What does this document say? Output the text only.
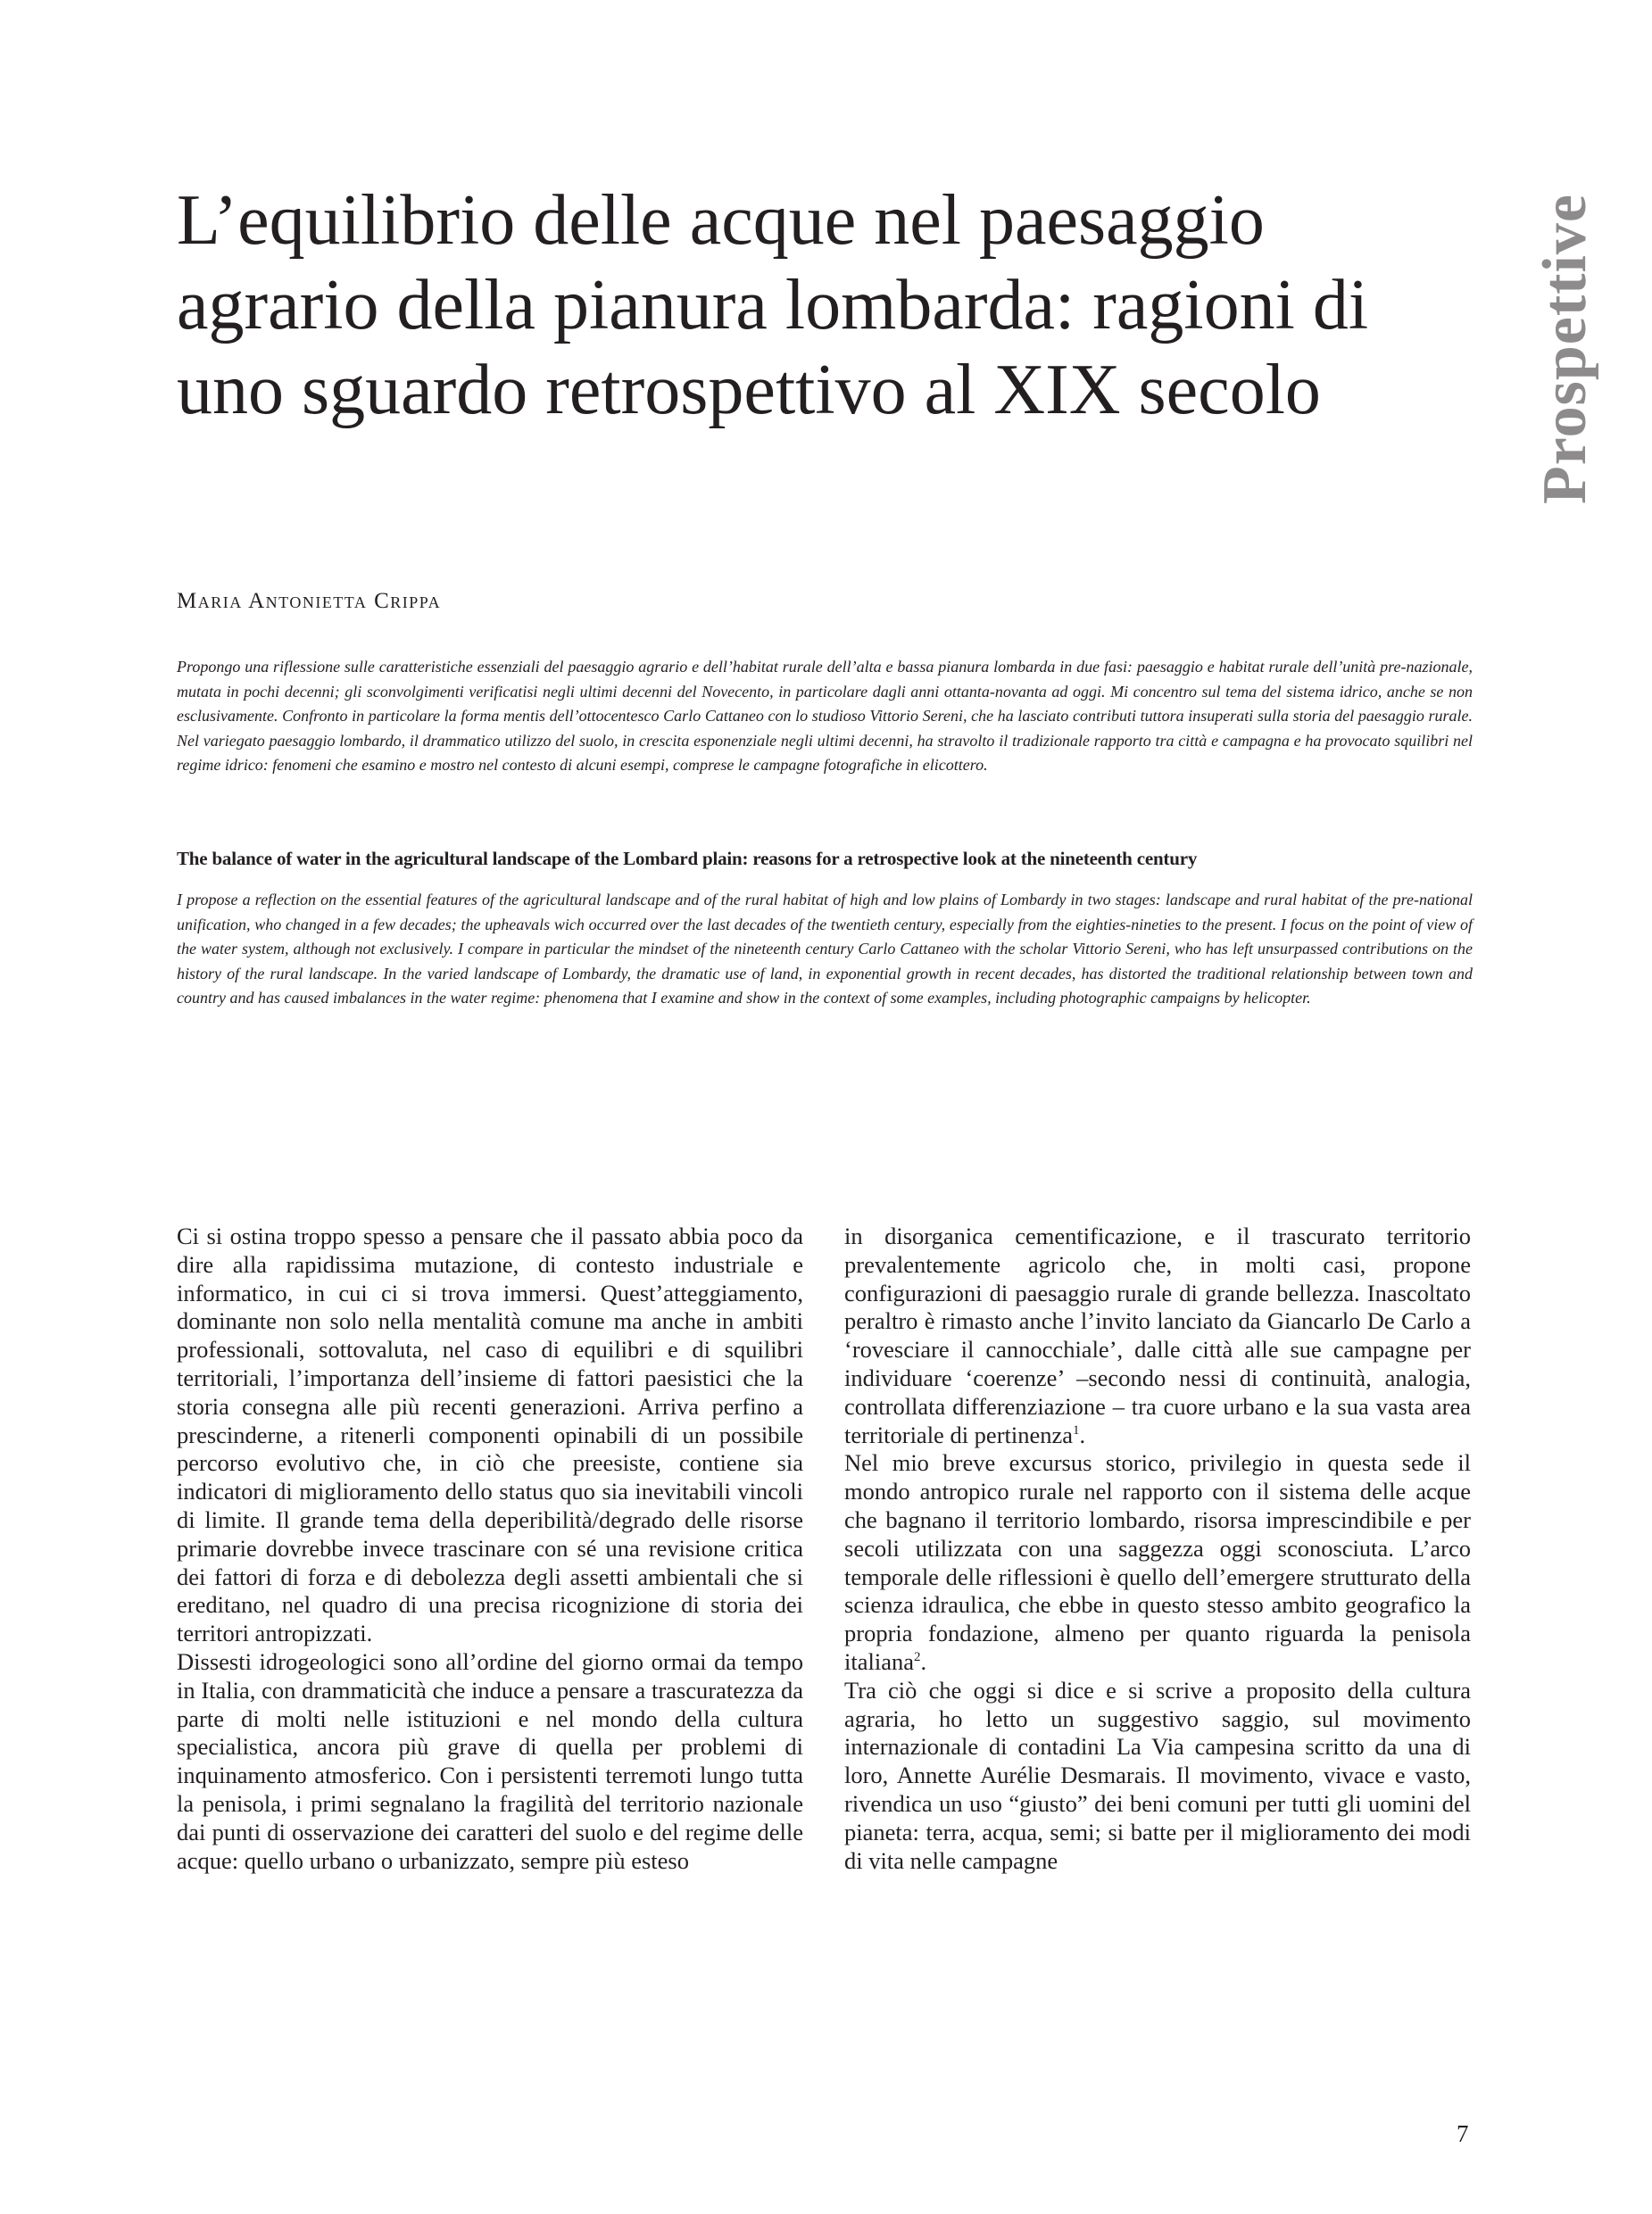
Prospettive
L’equilibrio delle acque nel paesaggio agrario della pianura lombarda: ragioni di uno sguardo retrospettivo al XIX secolo
Maria Antonietta Crippa

Propongo una riflessione sulle caratteristiche essenziali del paesaggio agrario e dell’habitat rurale dell’alta e bassa pianura lombarda in due fasi: paesaggio e habitat rurale dell’unità pre-nazionale, mutata in pochi decenni; gli sconvolgimenti verificatisi negli ultimi decenni del Novecento, in particolare dagli anni ottanta-novanta ad oggi. Mi concentro sul tema del sistema idrico, anche se non esclusivamente. Confronto in particolare la forma mentis dell’ottocentesco Carlo Cattaneo con lo studioso Vittorio Sereni, che ha lasciato contributi tuttora insuperati sulla storia del paesaggio rurale. Nel variegato paesaggio lombardo, il drammatico utilizzo del suolo, in crescita esponenziale negli ultimi decenni, ha stravolto il tradizionale rapporto tra città e campagna e ha provocato squilibri nel regime idrico: fenomeni che esamino e mostro nel contesto di alcuni esempi, comprese le campagne fotografiche in elicottero.

The balance of water in the agricultural landscape of the Lombard plain: reasons for a retrospective look at the nineteenth century

I propose a reflection on the essential features of the agricultural landscape and of the rural habitat of high and low plains of Lombardy in two stages: landscape and rural habitat of the pre-national unification, who changed in a few decades; the upheavals wich occurred over the last decades of the twentieth century, especially from the eighties-nineties to the present. I focus on the point of view of the water system, although not exclusively. I compare in particular the mindset of the nineteenth century Carlo Cattaneo with the scholar Vittorio Sereni, who has left unsurpassed contributions on the history of the rural landscape. In the varied landscape of Lombardy, the dramatic use of land, in exponential growth in recent decades, has distorted the traditional relationship between town and country and has caused imbalances in the water regime: phenomena that I examine and show in the context of some examples, including photographic campaigns by helicopter.

Ci si ostina troppo spesso a pensare che il passato abbia poco da dire alla rapidissima mutazione, di contesto industriale e informatico, in cui ci si trova immersi. Quest’atteggiamento, dominante non solo nella mentalità comune ma anche in ambiti professionali, sottovaluta, nel caso di equilibri e di squilibri territoriali, l’importanza dell’insieme di fattori paesistici che la storia consegna alle più recenti generazioni. Arriva perfino a prescinderne, a ritenerli componenti opinabili di un possibile percorso evolutivo che, in ciò che preesiste, contiene sia indicatori di miglioramento dello status quo sia inevitabili vincoli di limite. Il grande tema della deperibilità/degrado delle risorse primarie dovrebbe invece trascinare con sé una revisione critica dei fattori di forza e di debolezza degli assetti ambientali che si ereditano, nel quadro di una precisa ricognizione di storia dei territori antropizzati.

Dissesti idrogeologici sono all’ordine del giorno ormai da tempo in Italia, con drammaticità che induce a pensare a trascuratezza da parte di molti nelle istituzioni e nel mondo della cultura specialistica, ancora più grave di quella per problemi di inquinamento atmosferico. Con i persistenti terremoti lungo tutta la penisola, i primi segnalano la fragilità del territorio nazionale dai punti di osservazione dei caratteri del suolo e del regime delle acque: quello urbano o urbanizzato, sempre più esteso

in disorganica cementificazione, e il trascurato territorio prevalentemente agricolo che, in molti casi, propone configurazioni di paesaggio rurale di grande bellezza. Inascoltato peraltro è rimasto anche l’invito lanciato da Giancarlo De Carlo a ‘rovesciare il cannocchiale’, dalle città alle sue campagne per individuare ‘coerenze’ –secondo nessi di continuità, analogia, controllata differenziazione – tra cuore urbano e la sua vasta area territoriale di pertinenza$^1$.

Nel mio breve excursus storico, privilegio in questa sede il mondo antropico rurale nel rapporto con il sistema delle acque che bagnano il territorio lombardo, risorsa imprescindibile e per secoli utilizzata con una saggezza oggi sconosciuta. L’arco temporale delle riflessioni è quello dell’emergere strutturato della scienza idraulica, che ebbe in questo stesso ambito geografico la propria fondazione, almeno per quanto riguarda la penisola italiana$^2$.

Tra ciò che oggi si dice e si scrive a proposito della cultura agraria, ho letto un suggestivo saggio, sul movimento internazionale di contadini La Via campesina scritto da una di loro, Annette Aurélie Desmarais. Il movimento, vivace e vasto, rivendica un uso “giusto” dei beni comuni per tutti gli uomini del pianeta: terra, acqua, semi; si batte per il miglioramento dei modi di vita nelle campagne

7
